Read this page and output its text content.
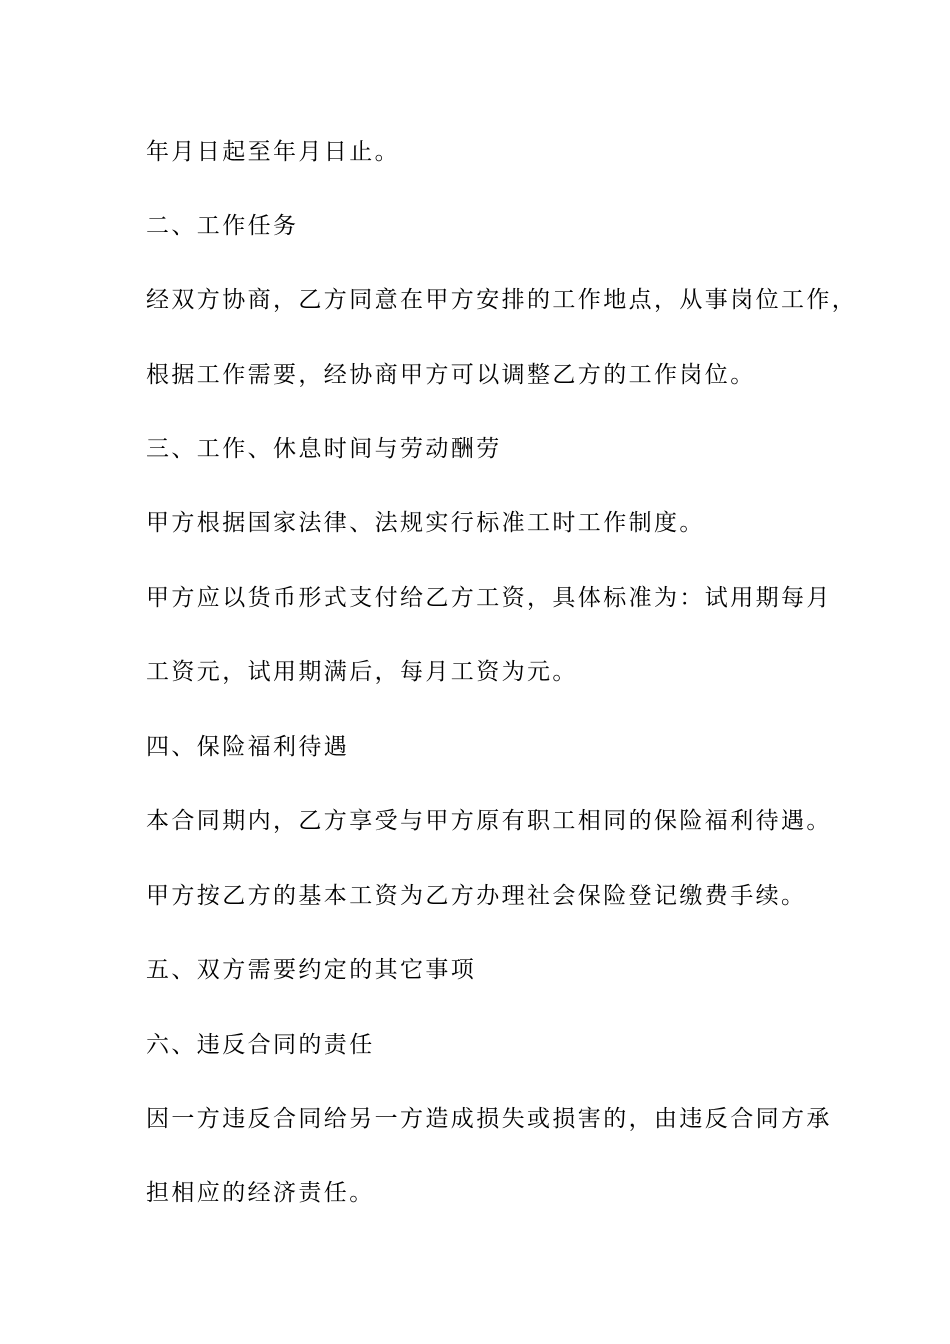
年月日起至年月日止。

二、工作任务

经双方协商，乙方同意在甲方安排的工作地点，从事岗位工作，

根据工作需要，经协商甲方可以调整乙方的工作岗位。

三、工作、休息时间与劳动酬劳

甲方根据国家法律、法规实行标准工时工作制度。

甲方应以货币形式支付给乙方工资，具体标准为：试用期每月

工资元，试用期满后，每月工资为元。

四、保险福利待遇

本合同期内，乙方享受与甲方原有职工相同的保险福利待遇。

甲方按乙方的基本工资为乙方办理社会保险登记缴费手续。

五、双方需要约定的其它事项

六、违反合同的责任

因一方违反合同给另一方造成损失或损害的，由违反合同方承

担相应的经济责任。
